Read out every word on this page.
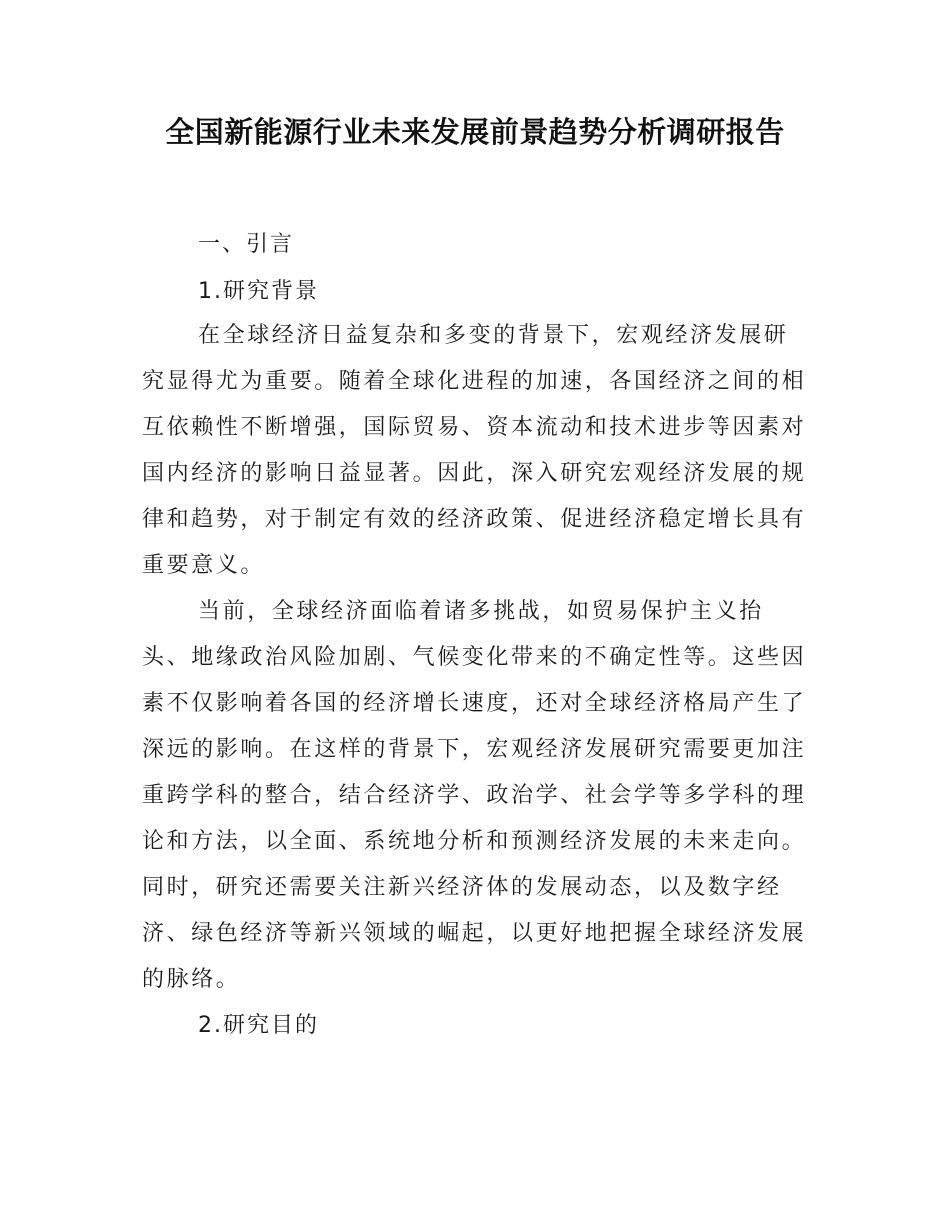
全国新能源行业未来发展前景趋势分析调研报告
一、引言
1.研究背景
在全球经济日益复杂和多变的背景下，宏观经济发展研
究显得尤为重要。随着全球化进程的加速，各国经济之间的相
互依赖性不断增强，国际贸易、资本流动和技术进步等因素对
国内经济的影响日益显著。因此，深入研究宏观经济发展的规
律和趋势，对于制定有效的经济政策、促进经济稳定增长具有
重要意义。
当前，全球经济面临着诸多挑战，如贸易保护主义抬
头、地缘政治风险加剧、气候变化带来的不确定性等。这些因
素不仅影响着各国的经济增长速度，还对全球经济格局产生了
深远的影响。在这样的背景下，宏观经济发展研究需要更加注
重跨学科的整合，结合经济学、政治学、社会学等多学科的理
论和方法，以全面、系统地分析和预测经济发展的未来走向。
同时，研究还需要关注新兴经济体的发展动态，以及数字经
济、绿色经济等新兴领域的崛起，以更好地把握全球经济发展
的脉络。
2.研究目的
